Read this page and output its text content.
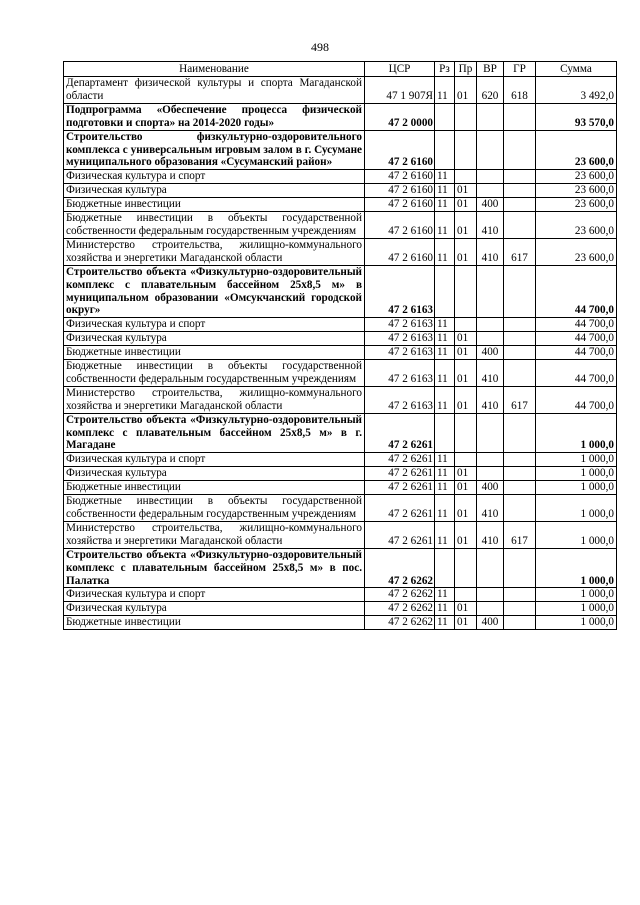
498
Наименование	ЦСР	Рз	Пр	ВР	ГР	Сумма
Департамент физической культуры и спорта Магаданской области	47 1 907Я	11	01	620	618	3 492,0
Подпрограмма «Обеспечение процесса физической подготовки и спорта» на 2014-2020 годы»	47 2 0000					93 570,0
Строительство физкультурно-оздоровительного комплекса с универсальным игровым залом в г. Сусумане муниципального образования «Сусуманский район»	47 2 6160					23 600,0
Физическая культура и спорт	47 2 6160	11				23 600,0
Физическая культура	47 2 6160	11	01			23 600,0
Бюджетные инвестиции	47 2 6160	11	01	400		23 600,0
Бюджетные инвестиции в объекты государственной собственности федеральным государственным учреждениям	47 2 6160	11	01	410		23 600,0
Министерство строительства, жилищно-коммунального хозяйства и энергетики Магаданской области	47 2 6160	11	01	410	617	23 600,0
Строительство объекта «Физкультурно-оздоровительный комплекс с плавательным бассейном 25х8,5 м» в муниципальном образовании «Омсукчанский городской округ»	47 2 6163					44 700,0
Физическая культура и спорт	47 2 6163	11				44 700,0
Физическая культура	47 2 6163	11	01			44 700,0
Бюджетные инвестиции	47 2 6163	11	01	400		44 700,0
Бюджетные инвестиции в объекты государственной собственности федеральным государственным учреждениям	47 2 6163	11	01	410		44 700,0
Министерство строительства, жилищно-коммунального хозяйства и энергетики Магаданской области	47 2 6163	11	01	410	617	44 700,0
Строительство объекта «Физкультурно-оздоровительный комплекс с плавательным бассейном 25х8,5 м» в г. Магадане	47 2 6261					1 000,0
Физическая культура и спорт	47 2 6261	11				1 000,0
Физическая культура	47 2 6261	11	01			1 000,0
Бюджетные инвестиции	47 2 6261	11	01	400		1 000,0
Бюджетные инвестиции в объекты государственной собственности федеральным государственным учреждениям	47 2 6261	11	01	410		1 000,0
Министерство строительства, жилищно-коммунального хозяйства и энергетики Магаданской области	47 2 6261	11	01	410	617	1 000,0
Строительство объекта «Физкультурно-оздоровительный комплекс с плавательным бассейном 25х8,5 м» в пос. Палатка	47 2 6262					1 000,0
Физическая культура и спорт	47 2 6262	11				1 000,0
Физическая культура	47 2 6262	11	01			1 000,0
Бюджетные инвестиции	47 2 6262	11	01	400		1 000,0
